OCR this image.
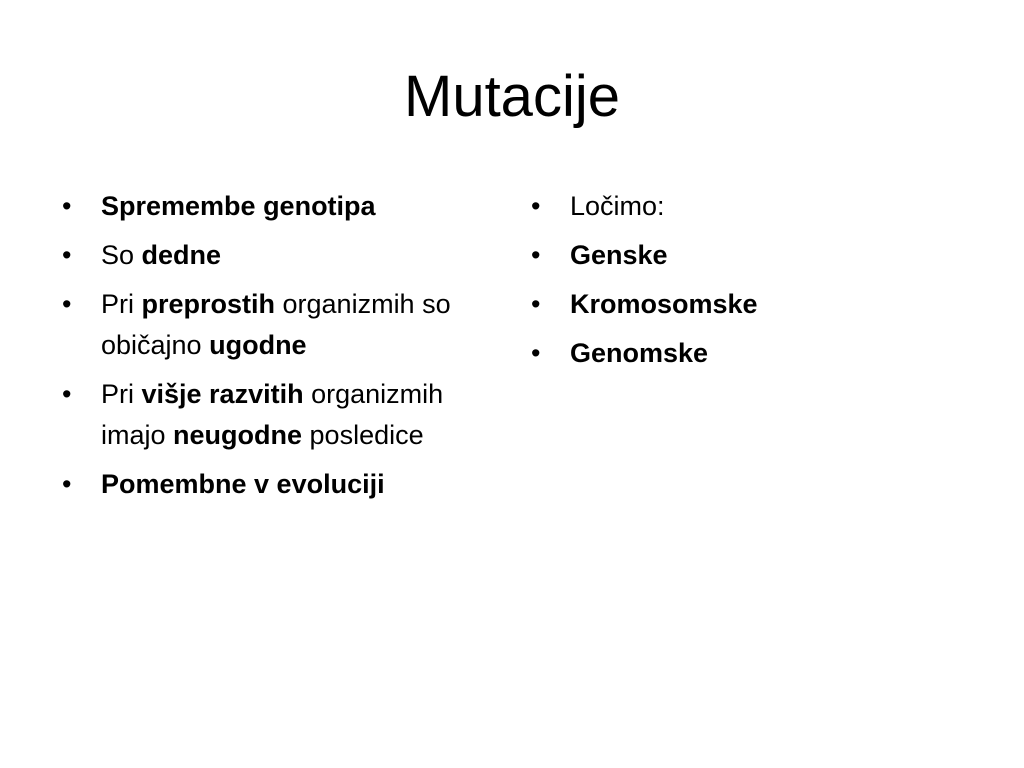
Mutacije
• Spremembe genotipa
• So dedne
• Pri preprostih organizmih so običajno ugodne
• Pri višje razvitih organizmih imajo neugodne posledice
• Pomembne v evoluciji
• Ločimo:
• Genske
• Kromosomske
• Genomske
